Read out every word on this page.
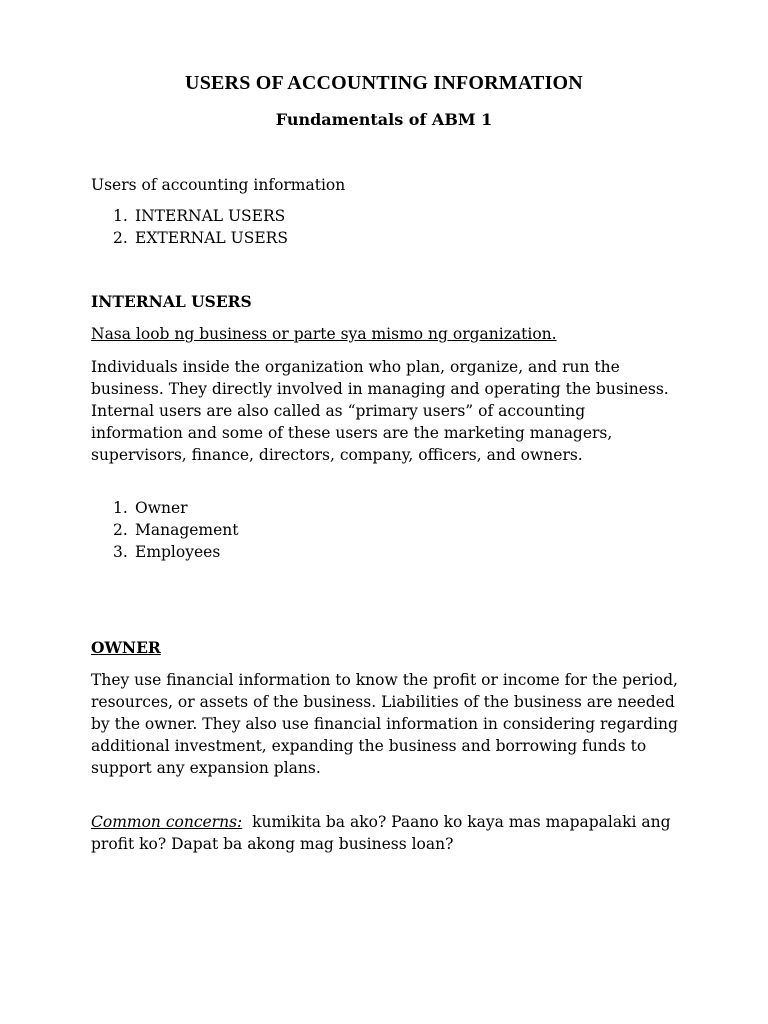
USERS OF ACCOUNTING INFORMATION
Fundamentals of ABM 1
Users of accounting information
1. INTERNAL USERS
2. EXTERNAL USERS
INTERNAL USERS
Nasa loob ng business or parte sya mismo ng organization.
Individuals inside the organization who plan, organize, and run the business. They directly involved in managing and operating the business. Internal users are also called as “primary users” of accounting information and some of these users are the marketing managers, supervisors, finance, directors, company, officers, and owners.
1. Owner
2. Management
3. Employees
OWNER
They use financial information to know the profit or income for the period, resources, or assets of the business. Liabilities of the business are needed by the owner. They also use financial information in considering regarding additional investment, expanding the business and borrowing funds to support any expansion plans.
Common concerns: kumikita ba ako? Paano ko kaya mas mapapalaki ang profit ko? Dapat ba akong mag business loan?
